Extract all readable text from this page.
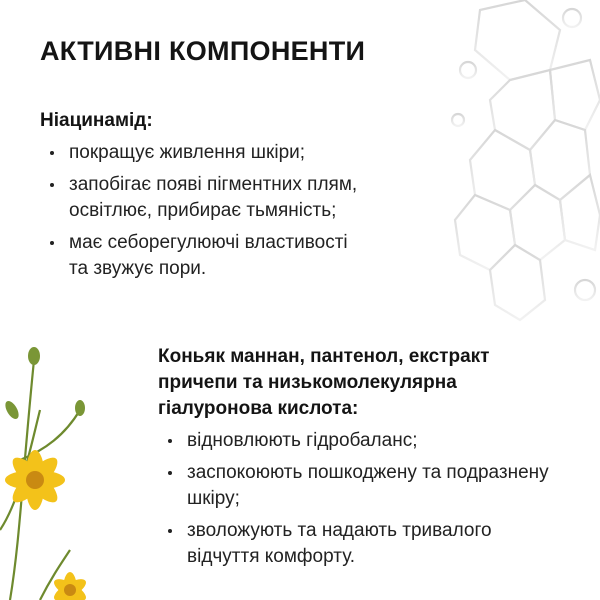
АКТИВНІ КОМПОНЕНТИ
Ніацинамід:
покращує живлення шкіри;
запобігає появі пігментних плям, освітлює, прибирає тьмяність;
має себорегулюючі властивості та звужує пори.
Коньяк маннан, пантенол, екстракт причепи та низькомолекулярна гіалуронова кислота:
відновлюють гідробаланс;
заспокоюють пошкоджену та подразнену шкіру;
зволожують та надають тривалого відчуття комфорту.
